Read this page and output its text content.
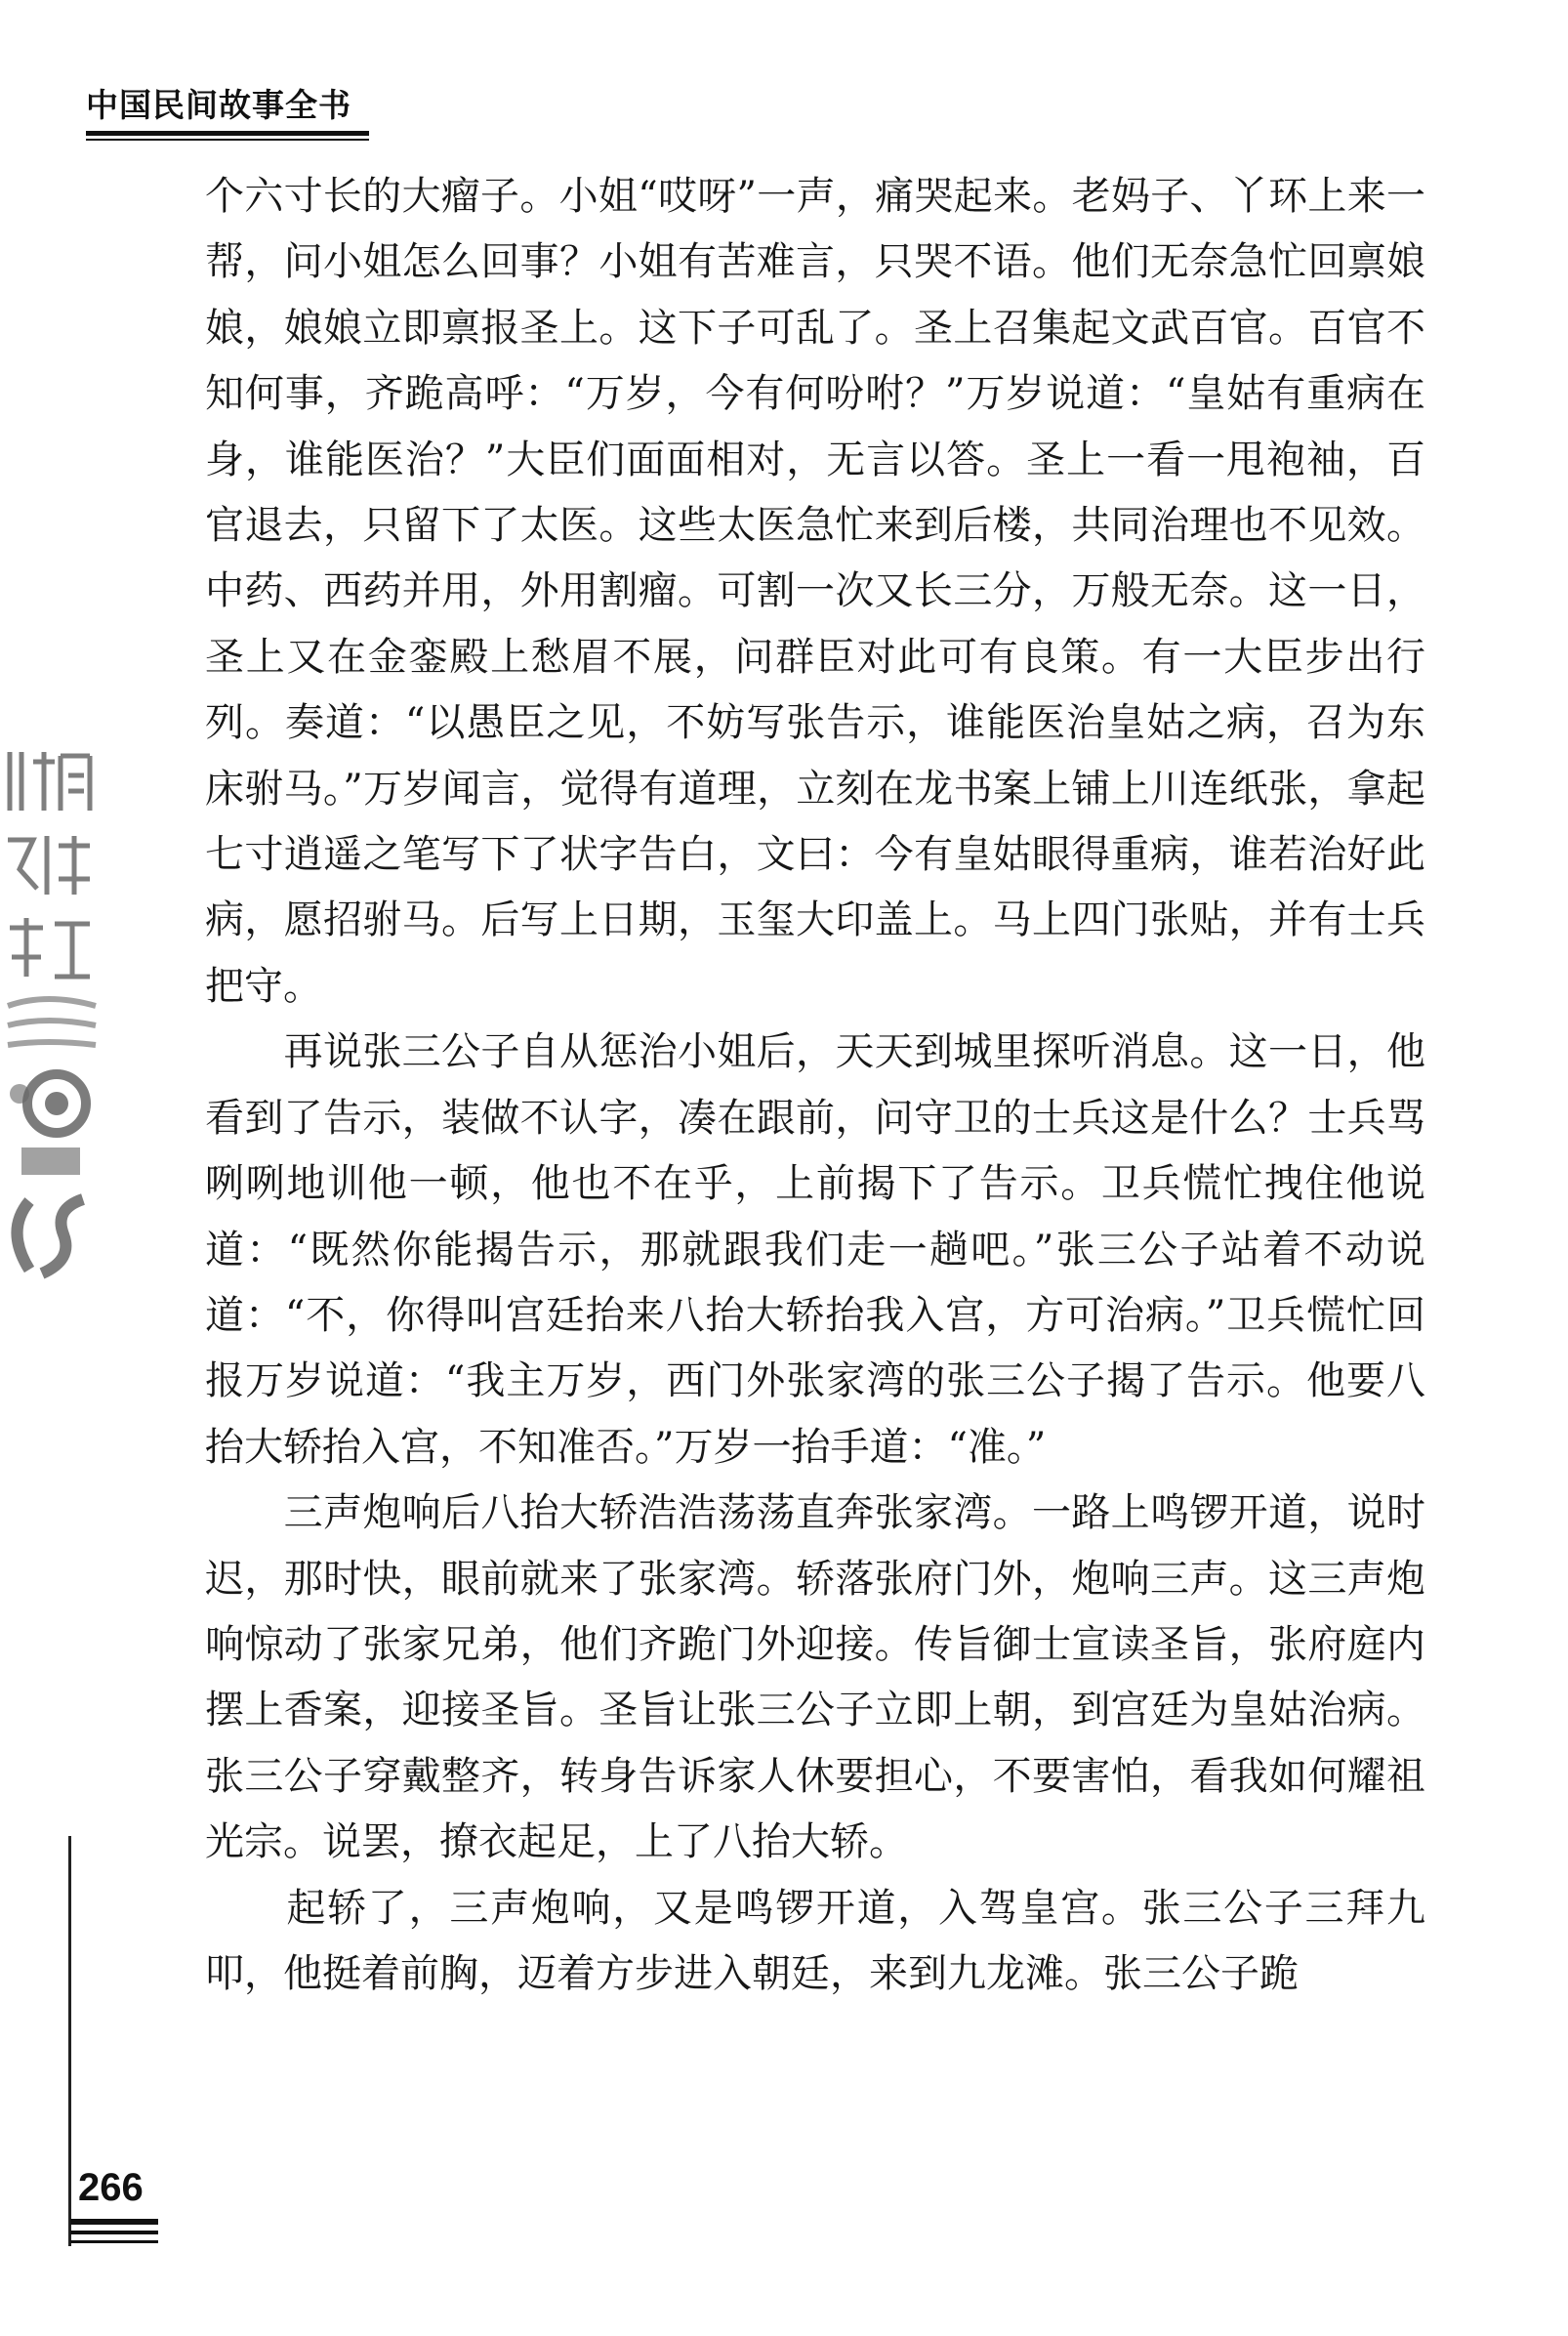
中国民间故事全书

个六寸长的大瘤子。小姐“哎呀”一声，痛哭起来。老妈子、丫环上来一帮，问小姐怎么回事？小姐有苦难言，只哭不语。他们无奈急忙回禀娘娘，娘娘立即禀报圣上。这下子可乱了。圣上召集起文武百官。百官不知何事，齐跪高呼：“万岁，今有何吩咐？”万岁说道：“皇姑有重病在身，谁能医治？”大臣们面面相对，无言以答。圣上一看一甩袍袖，百官退去，只留下了太医。这些太医急忙来到后楼，共同治理也不见效。中药、西药并用，外用割瘤。可割一次又长三分，万般无奈。这一日，圣上又在金銮殿上愁眉不展，问群臣对此可有良策。有一大臣步出行列。奏道：“以愚臣之见，不妨写张告示，谁能医治皇姑之病，召为东床驸马。”万岁闻言，觉得有道理，立刻在龙书案上铺上川连纸张，拿起七寸逍遥之笔写下了状字告白，文曰：今有皇姑眼得重病，谁若治好此病，愿招驸马。后写上日期，玉玺大印盖上。马上四门张贴，并有士兵把守。

　　再说张三公子自从惩治小姐后，天天到城里探听消息。这一日，他看到了告示，装做不认字，凑在跟前，问守卫的士兵这是什么？士兵骂咧咧地训他一顿，他也不在乎，上前揭下了告示。卫兵慌忙拽住他说道：“既然你能揭告示，那就跟我们走一趟吧。”张三公子站着不动说道：“不，你得叫宫廷抬来八抬大轿抬我入宫，方可治病。”卫兵慌忙回报万岁说道：“我主万岁，西门外张家湾的张三公子揭了告示。他要八抬大轿抬入宫，不知准否。”万岁一抬手道：“准。”

　　三声炮响后八抬大轿浩浩荡荡直奔张家湾。一路上鸣锣开道，说时迟，那时快，眼前就来了张家湾。轿落张府门外，炮响三声。这三声炮响惊动了张家兄弟，他们齐跪门外迎接。传旨御士宣读圣旨，张府庭内摆上香案，迎接圣旨。圣旨让张三公子立即上朝，到宫廷为皇姑治病。张三公子穿戴整齐，转身告诉家人休要担心，不要害怕，看我如何耀祖光宗。说罢，撩衣起足，上了八抬大轿。

　　起轿了，三声炮响，又是鸣锣开道，入驾皇宫。张三公子三拜九叩，他挺着前胸，迈着方步进入朝廷，来到九龙滩。张三公子跪

266
